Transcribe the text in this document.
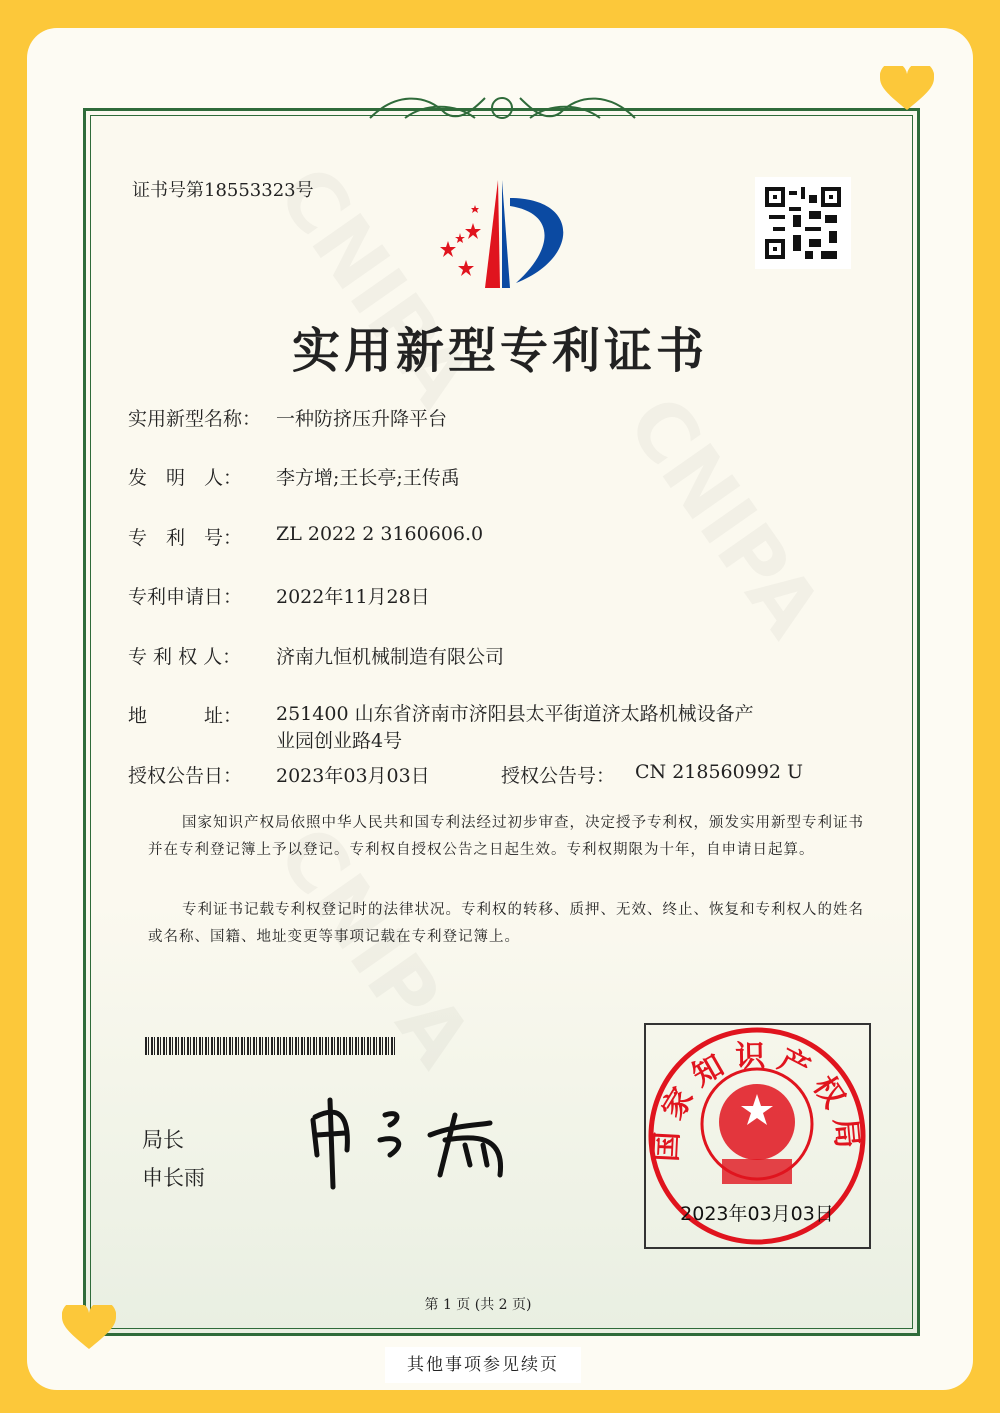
证书号第18553323号
实用新型专利证书
实用新型名称： 一种防挤压升降平台
发　明　人：	李方增;王长亭;王传禹
专　利　号：	ZL 2022 2 3160606.0
专利申请日：	2022年11月28日
专 利 权 人：	济南九恒机械制造有限公司
地　　　址：	251400 山东省济南市济阳县太平街道济太路机械设备产
业园创业路4号
授权公告日：	2023年03月03日	授权公告号：	CN 218560992 U
国家知识产权局依照中华人民共和国专利法经过初步审查，决定授予专利权，颁发实用新型专利证书并在专利登记簿上予以登记。专利权自授权公告之日起生效。专利权期限为十年，自申请日起算。
专利证书记载专利权登记时的法律状况。专利权的转移、质押、无效、终止、恢复和专利权人的姓名或名称、国籍、地址变更等事项记载在专利登记簿上。
局长
申长雨
国家知识产权局
2023年03月03日
第 1 页 (共 2 页)
其他事项参见续页
